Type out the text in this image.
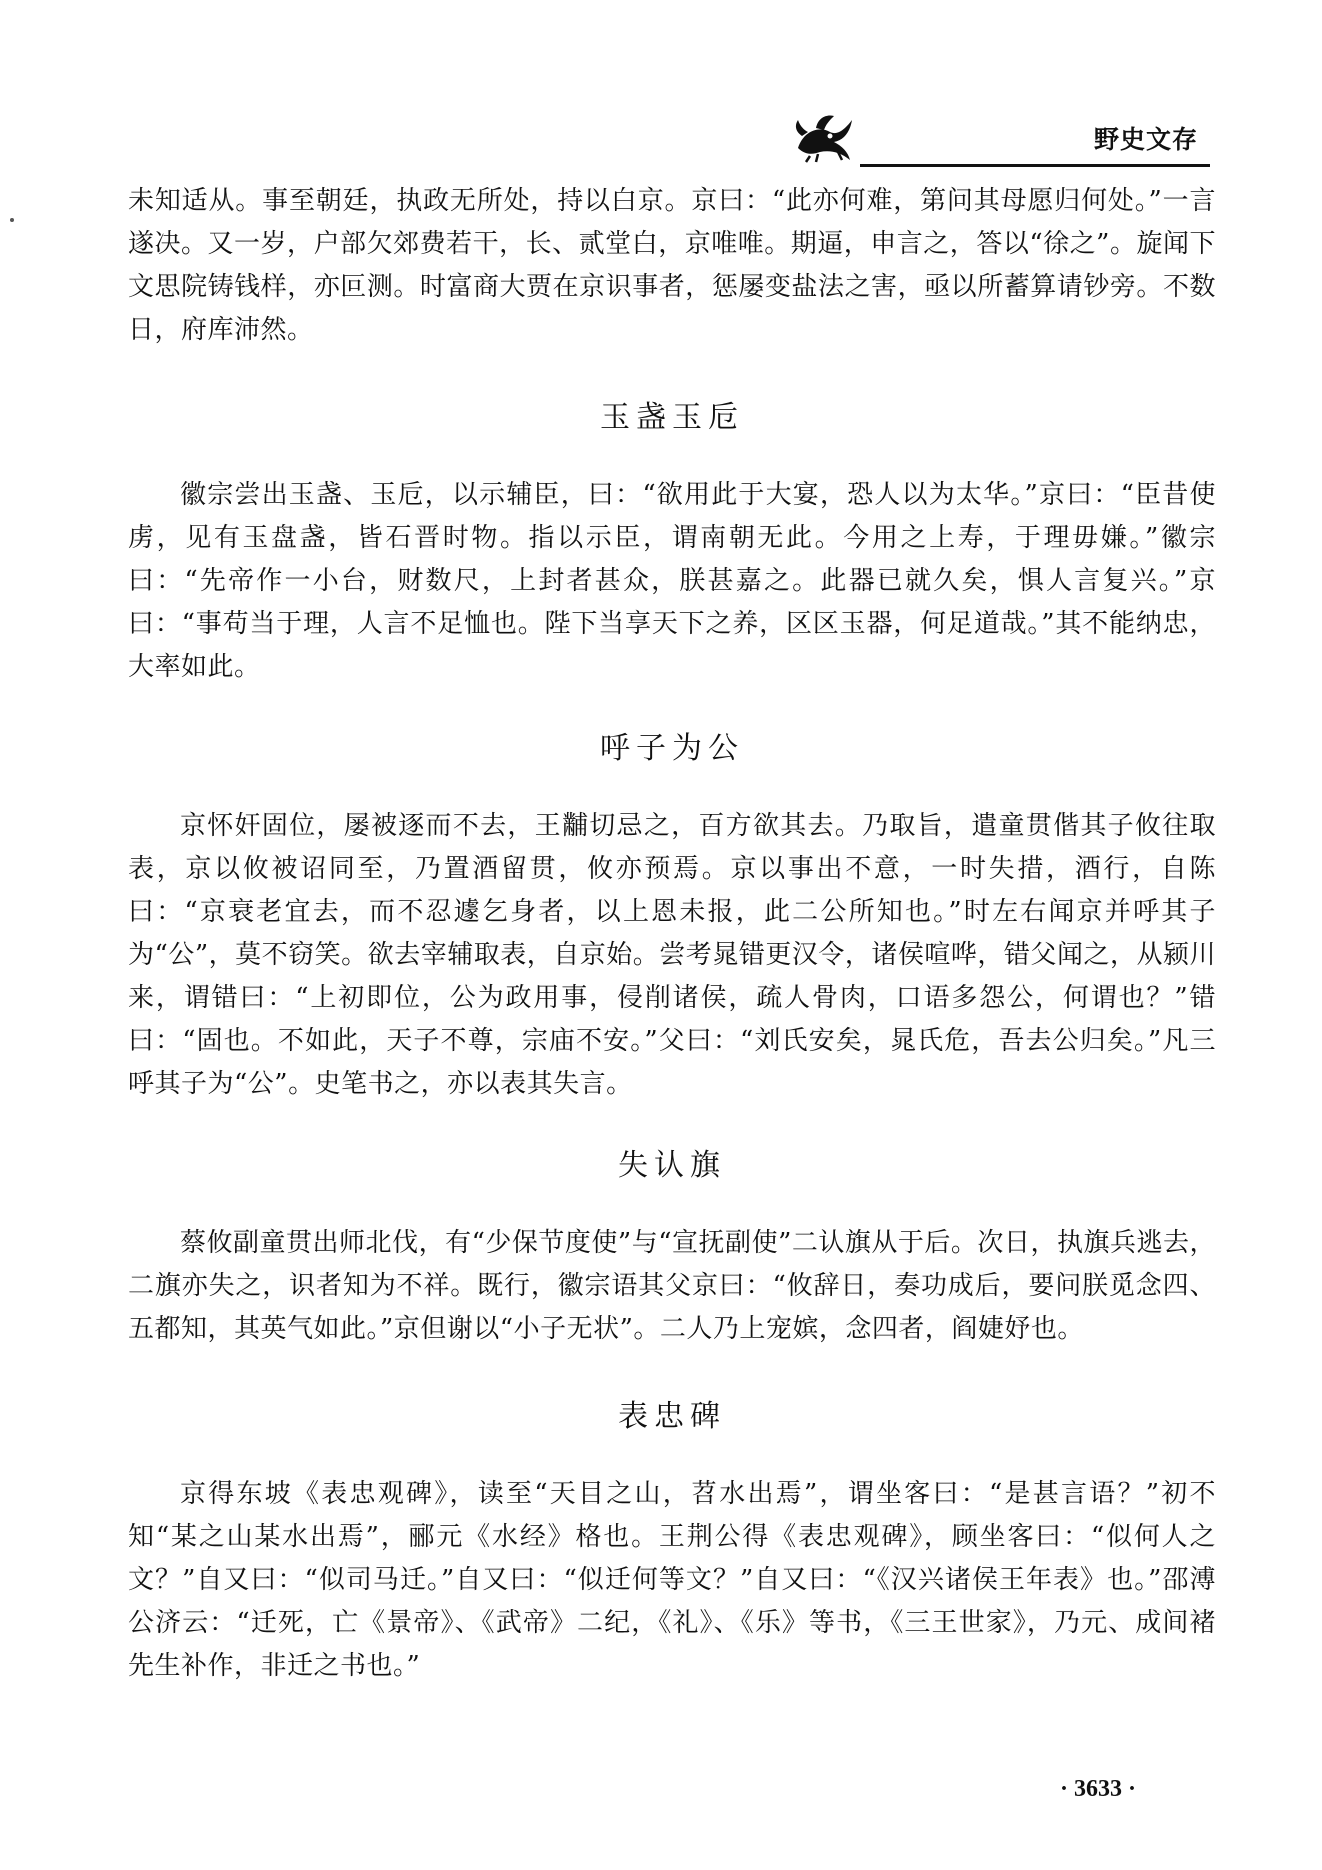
野史文存

未知适从。事至朝廷，执政无所处，持以白京。京曰：“此亦何难，第问其母愿归何处。”一言遂决。又一岁，户部欠郊费若干，长、贰堂白，京唯唯。期逼，申言之，答以“徐之”。旋闻下文思院铸钱样，亦叵测。时富商大贾在京识事者，惩屡变盐法之害，亟以所蓄算请钞旁。不数日，府库沛然。

玉盏玉卮

徽宗尝出玉盏、玉卮，以示辅臣，曰：“欲用此于大宴，恐人以为太华。”京曰：“臣昔使虏，见有玉盘盏，皆石晋时物。指以示臣，谓南朝无此。今用之上寿，于理毋嫌。”徽宗曰：“先帝作一小台，财数尺，上封者甚众，朕甚嘉之。此器已就久矣，惧人言复兴。”京曰：“事苟当于理，人言不足恤也。陛下当享天下之养，区区玉器，何足道哉。”其不能纳忠，大率如此。

呼子为公

京怀奸固位，屡被逐而不去，王黼切忌之，百方欲其去。乃取旨，遣童贯偕其子攸往取表，京以攸被诏同至，乃置酒留贯，攸亦预焉。京以事出不意，一时失措，酒行，自陈曰：“京衰老宜去，而不忍遽乞身者，以上恩未报，此二公所知也。”时左右闻京并呼其子为“公”，莫不窃笑。欲去宰辅取表，自京始。尝考晁错更汉令，诸侯喧哗，错父闻之，从颍川来，谓错曰：“上初即位，公为政用事，侵削诸侯，疏人骨肉，口语多怨公，何谓也？”错曰：“固也。不如此，天子不尊，宗庙不安。”父曰：“刘氏安矣，晁氏危，吾去公归矣。”凡三呼其子为“公”。史笔书之，亦以表其失言。

失认旗

蔡攸副童贯出师北伐，有“少保节度使”与“宣抚副使”二认旗从于后。次日，执旗兵逃去，二旗亦失之，识者知为不祥。既行，徽宗语其父京曰：“攸辞日，奏功成后，要问朕觅念四、五都知，其英气如此。”京但谢以“小子无状”。二人乃上宠嫔，念四者，阎婕妤也。

表忠碑

京得东坡《表忠观碑》，读至“天目之山，苕水出焉”，谓坐客曰：“是甚言语？”初不知“某之山某水出焉”，郦元《水经》格也。王荆公得《表忠观碑》，顾坐客曰：“似何人之文？”自又曰：“似司马迁。”自又曰：“似迁何等文？”自又曰：“《汉兴诸侯王年表》也。”邵溥公济云：“迁死，亡《景帝》、《武帝》二纪，《礼》、《乐》等书，《三王世家》，乃元、成间褚先生补作，非迁之书也。”

· 3633 ·
